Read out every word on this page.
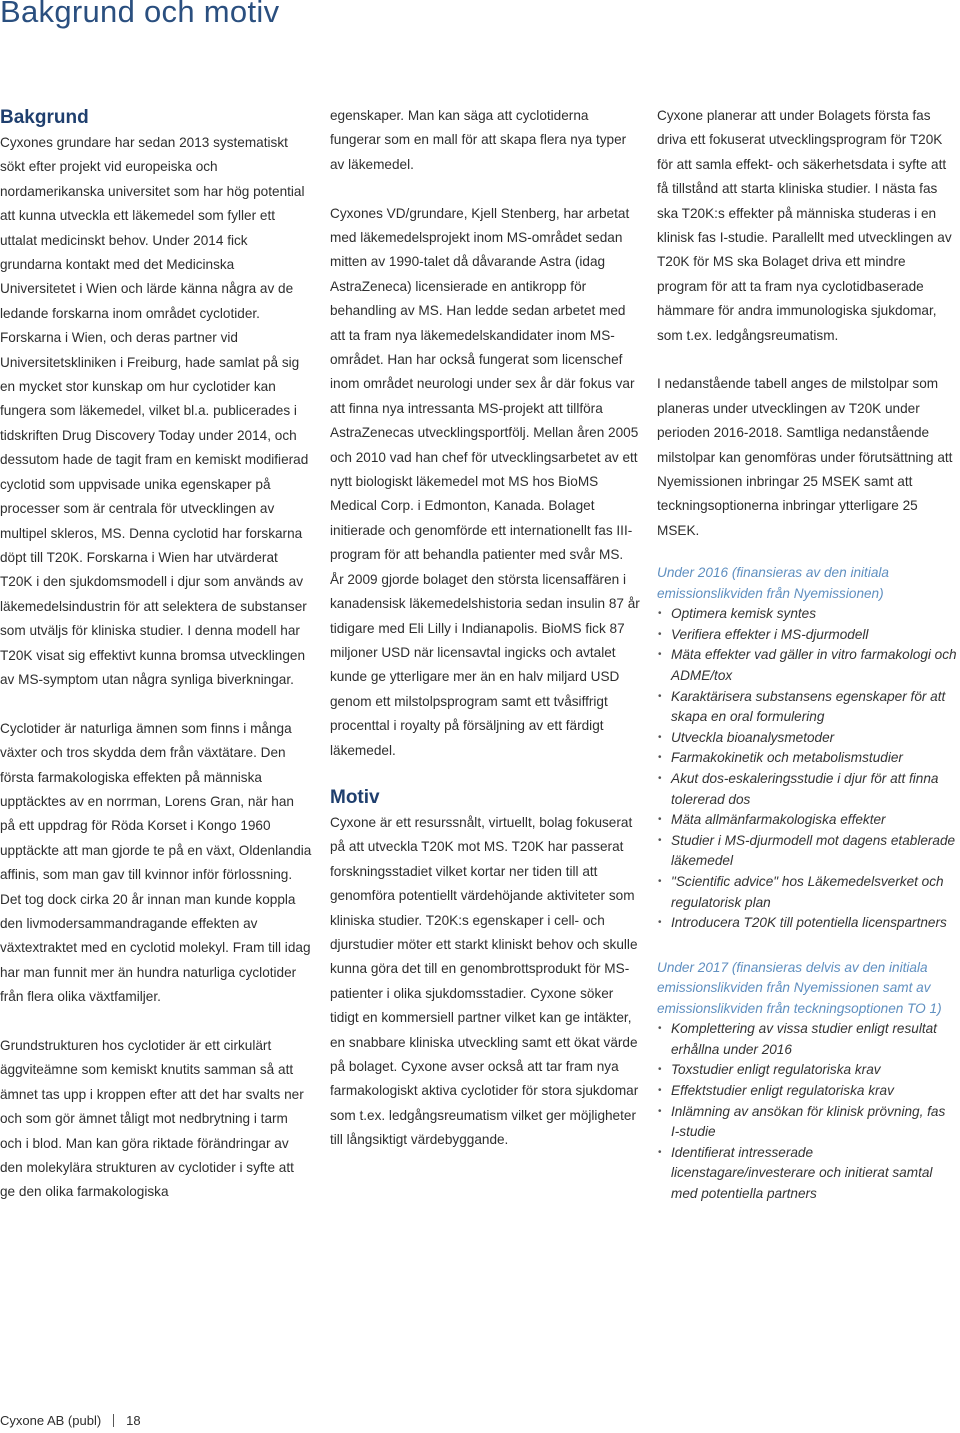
Bakgrund och motiv
Bakgrund

Cyxones grundare har sedan 2013 systematiskt sökt efter projekt vid europeiska och nordamerikanska universitet som har hög potential att kunna utveckla ett läkemedel som fyller ett uttalat medicinskt behov. Under 2014 fick grundarna kontakt med det Medicinska Universitetet i Wien och lärde känna några av de ledande forskarna inom området cyclotider. Forskarna i Wien, och deras partner vid Universitetskliniken i Freiburg, hade samlat på sig en mycket stor kunskap om hur cyclotider kan fungera som läkemedel, vilket bl.a. publicerades i tidskriften Drug Discovery Today under 2014, och dessutom hade de tagit fram en kemiskt modifierad cyclotid som uppvisade unika egenskaper på processer som är centrala för utvecklingen av multipel skleros, MS. Denna cyclotid har forskarna döpt till T20K. Forskarna i Wien har utvärderat T20K i den sjukdomsmodell i djur som används av läkemedelsindustrin för att selektera de substanser som utväljs för kliniska studier. I denna modell har T20K visat sig effektivt kunna bromsa utvecklingen av MS-symptom utan några synliga biverkningar.

Cyclotider är naturliga ämnen som finns i många växter och tros skydda dem från växtätare. Den första farmakologiska effekten på människa upptäcktes av en norrman, Lorens Gran, när han på ett uppdrag för Röda Korset i Kongo 1960 upptäckte att man gjorde te på en växt, Oldenlandia affinis, som man gav till kvinnor inför förlossning. Det tog dock cirka 20 år innan man kunde koppla den livmodersammandragande effekten av växtextraktet med en cyclotid molekyl. Fram till idag har man funnit mer än hundra naturliga cyclotider från flera olika växtfamiljer.

Grundstrukturen hos cyclotider är ett cirkulärt äggviteämne som kemiskt knutits samman så att ämnet tas upp i kroppen efter att det har svalts ner och som gör ämnet tåligt mot nedbrytning i tarm och i blod. Man kan göra riktade förändringar av den molekylära strukturen av cyclotider i syfte att ge den olika farmakologiska

egenskaper. Man kan säga att cyclotiderna fungerar som en mall för att skapa flera nya typer av läkemedel.

Cyxones VD/grundare, Kjell Stenberg, har arbetat med läkemedelsprojekt inom MS-området sedan mitten av 1990-talet då dåvarande Astra (idag AstraZeneca) licensierade en antikropp för behandling av MS. Han ledde sedan arbetet med att ta fram nya läkemedelskandidater inom MS-området. Han har också fungerat som licenschef inom området neurologi under sex år där fokus var att finna nya intressanta MS-projekt att tillföra AstraZenecas utvecklingsportfölj. Mellan åren 2005 och 2010 vad han chef för utvecklingsarbetet av ett nytt biologiskt läkemedel mot MS hos BioMS Medical Corp. i Edmonton, Kanada. Bolaget initierade och genomförde ett internationellt fas III-program för att behandla patienter med svår MS. År 2009 gjorde bolaget den största licensaffären i kanadensisk läkemedelshistoria sedan insulin 87 år tidigare med Eli Lilly i Indianapolis. BioMS fick 87 miljoner USD när licensavtal ingicks och avtalet kunde ge ytterligare mer än en halv miljard USD genom ett milstolpsprogram samt ett tvåsiffrigt procenttal i royalty på försäljning av ett färdigt läkemedel.

Motiv

Cyxone är ett resurssnålt, virtuellt, bolag fokuserat på att utveckla T20K mot MS. T20K har passerat forskningsstadiet vilket kortar ner tiden till att genomföra potentiellt värdehöjande aktiviteter som kliniska studier. T20K:s egenskaper i cell- och djurstudier möter ett starkt kliniskt behov och skulle kunna göra det till en genombrottsprodukt för MS-patienter i olika sjukdomsstadier. Cyxone söker tidigt en kommersiell partner vilket kan ge intäkter, en snabbare kliniska utveckling samt ett ökat värde på bolaget. Cyxone avser också att tar fram nya farmakologiskt aktiva cyclotider för stora sjukdomar som t.ex. ledgångsreumatism vilket ger möjligheter till långsiktigt värdebyggande.

Cyxone planerar att under Bolagets första fas driva ett fokuserat utvecklingsprogram för T20K för att samla effekt- och säkerhetsdata i syfte att få tillstånd att starta kliniska studier. I nästa fas ska T20K:s effekter på människa studeras i en klinisk fas I-studie. Parallellt med utvecklingen av T20K för MS ska Bolaget driva ett mindre program för att ta fram nya cyclotidbaserade hämmare för andra immunologiska sjukdomar, som t.ex. ledgångsreumatism.

I nedanstående tabell anges de milstolpar som planeras under utvecklingen av T20K under perioden 2016-2018. Samtliga nedanstående milstolpar kan genomföras under förutsättning att Nyemissionen inbringar 25 MSEK samt att teckningsoptionerna inbringar ytterligare 25 MSEK.

Under 2016 (finansieras av den initiala emissionslikviden från Nyemissionen)

• Optimera kemisk syntes
• Verifiera effekter i MS-djurmodell
• Mäta effekter vad gäller in vitro farmakologi och ADME/tox
• Karaktärisera substansens egenskaper för att skapa en oral formulering
• Utveckla bioanalysmetoder
• Farmakokinetik och metabolismstudier
• Akut dos-eskaleringsstudie i djur för att finna tolererad dos
• Mäta allmänfarmakologiska effekter
• Studier i MS-djurmodell mot dagens etablerade läkemedel
• "Scientific advice" hos Läkemedelsverket och regulatorisk plan
• Introducera T20K till potentiella licenspartners

Under 2017 (finansieras delvis av den initiala emissionslikviden från Nyemissionen samt av emissionslikviden från teckningsoptionen TO 1)

• Komplettering av vissa studier enligt resultat erhållna under 2016
• Toxstudier enligt regulatoriska krav
• Effektstudier enligt regulatoriska krav
• Inlämning av ansökan för klinisk prövning, fas I-studie
• Identifierat intresserade licenstagare/investerare och initierat samtal med potentiella partners
Cyxone AB (publ) 18
